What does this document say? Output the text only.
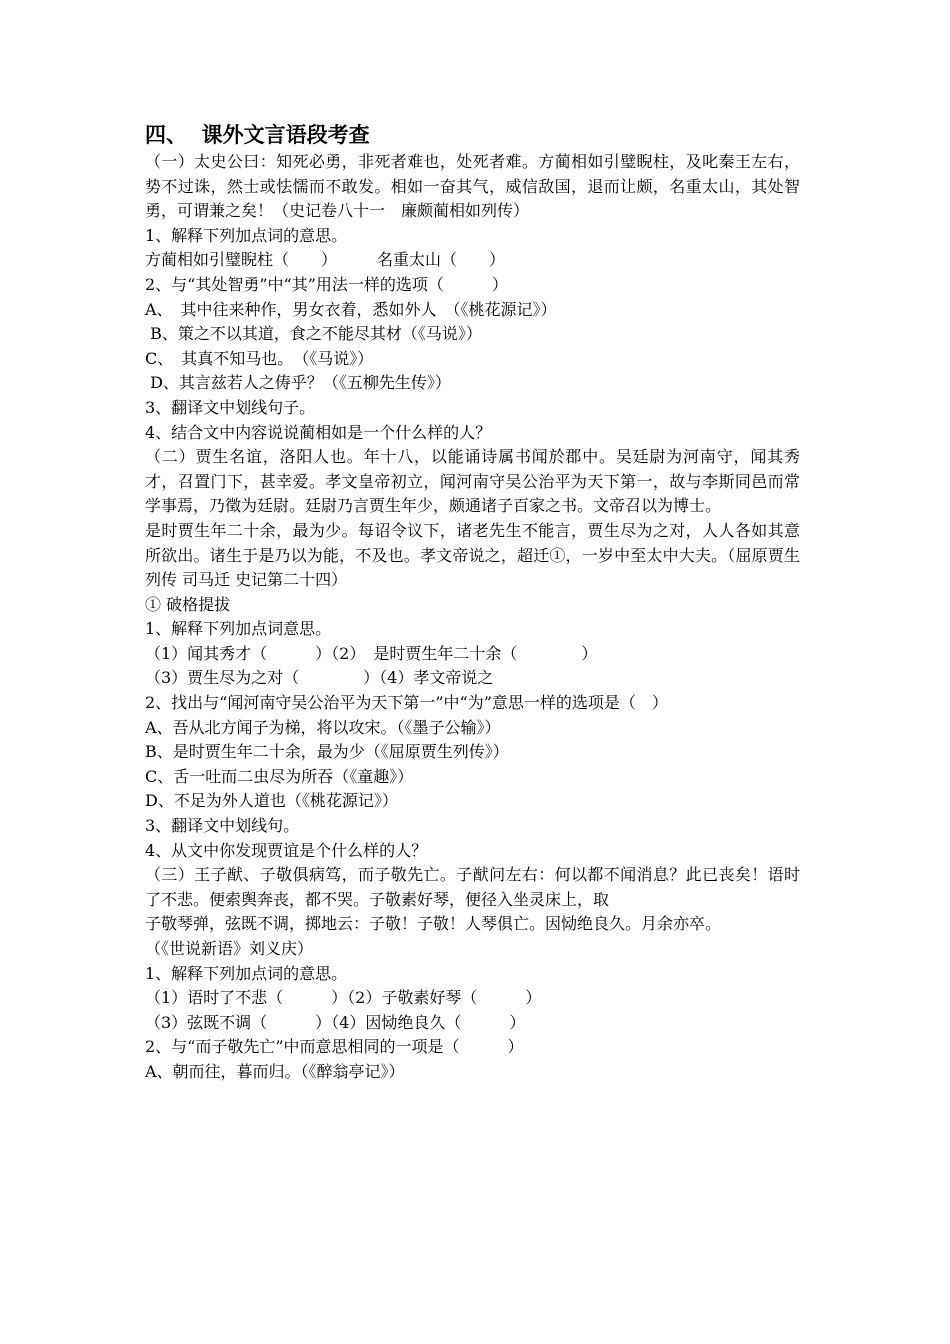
四、  课外文言语段考查
（一）太史公曰：知死必勇，非死者难也，处死者难。方蔺相如引璧睨柱，及叱秦王左右，势不过诛，然士或怯懦而不敢发。相如一奋其气，威信敌国，退而让颇，名重太山，其处智勇，可谓兼之矣！（史记卷八十一　廉颇蔺相如列传）
1、解释下列加点词的意思。
方蔺相如引璧睨柱（　　）　　　名重太山（　　）
2、与“其处智勇”中“其”用法一样的选项（　　　）
A、　其中往来种作，男女衣着，悉如外人　（《桃花源记》）
B、策之不以其道，食之不能尽其材（《马说》）
C、　其真不知马也。　（《马说》）
D、其言兹若人之俦乎？（《五柳先生传》）
3、翻译文中划线句子。
4、结合文中内容说说蔺相如是一个什么样的人？
（二）贾生名谊，洛阳人也。年十八，以能诵诗属书闻於郡中。吴廷尉为河南守，闻其秀才，召置门下，甚幸爱。孝文皇帝初立，闻河南守吴公治平为天下第一，故与李斯同邑而常学事焉，乃徵为廷尉。廷尉乃言贾生年少，颇通诸子百家之书。文帝召以为博士。
是时贾生年二十余，最为少。每诏令议下，诸老先生不能言，贾生尽为之对，人人各如其意所欲出。诸生于是乃以为能，不及也。孝文帝说之，超迁①，一岁中至太中大夫。（屈原贾生列传 司马迁 史记第二十四）
① 破格提拔
1、解释下列加点词意思。
（1）闻其秀才（　　　）（2）　是时贾生年二十余（　　　　）
（3）贾生尽为之对（　　　　）（4）孝文帝说之
2、找出与“闻河南守吴公治平为天下第一”中“为”意思一样的选项是（　）
A、吾从北方闻子为梯，将以攻宋。（《墨子公输》）
B、是时贾生年二十余，最为少（《屈原贾生列传》）
C、舌一吐而二虫尽为所吞（《童趣》）
D、不足为外人道也（《桃花源记》）
3、翻译文中划线句。
4、从文中你发现贾谊是个什么样的人？
（三）王子猷、子敬俱病笃，而子敬先亡。子猷问左右：何以都不闻消息？此已丧矣！语时了不悲。便索舆奔丧，都不哭。子敬素好琴，便径入坐灵床上，取
子敬琴弹，弦既不调，掷地云：子敬！子敬！人琴俱亡。因恸绝良久。月余亦卒。
（《世说新语》刘义庆）
1、解释下列加点词的意思。
（1）语时了不悲（　　　）（2）子敬素好琴（　　　）
（3）弦既不调（　　　）（4）因恸绝良久（　　　）
2、与“而子敬先亡”中而意思相同的一项是（　　　）
A、朝而往，暮而归。（《醉翁亭记》）
